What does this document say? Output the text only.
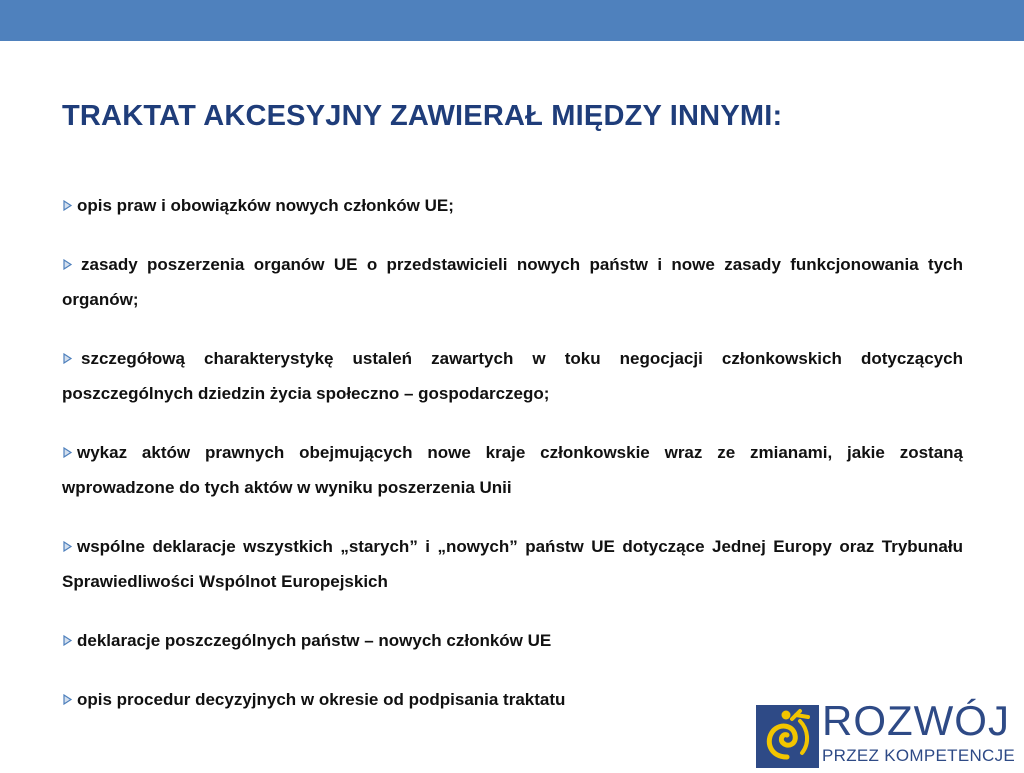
TRAKTAT AKCESYJNY ZAWIERAŁ MIĘDZY INNYMI:
opis praw i obowiązków nowych członków UE;
zasady poszerzenia organów UE o przedstawicieli nowych państw i nowe zasady funkcjonowania tych organów;
szczegółową charakterystykę ustaleń zawartych w toku negocjacji członkowskich dotyczących poszczególnych dziedzin życia społeczno – gospodarczego;
wykaz aktów prawnych obejmujących nowe kraje członkowskie wraz ze zmianami, jakie zostaną wprowadzone do tych aktów w wyniku poszerzenia Unii
wspólne deklaracje wszystkich „starych” i „nowych” państw UE dotyczące Jednej Europy oraz Trybunału Sprawiedliwości Wspólnot Europejskich
deklaracje poszczególnych państw – nowych członków UE
opis procedur decyzyjnych w okresie od podpisania traktatu	ROZWÓJ
PRZEZ KOMPETENCJE
